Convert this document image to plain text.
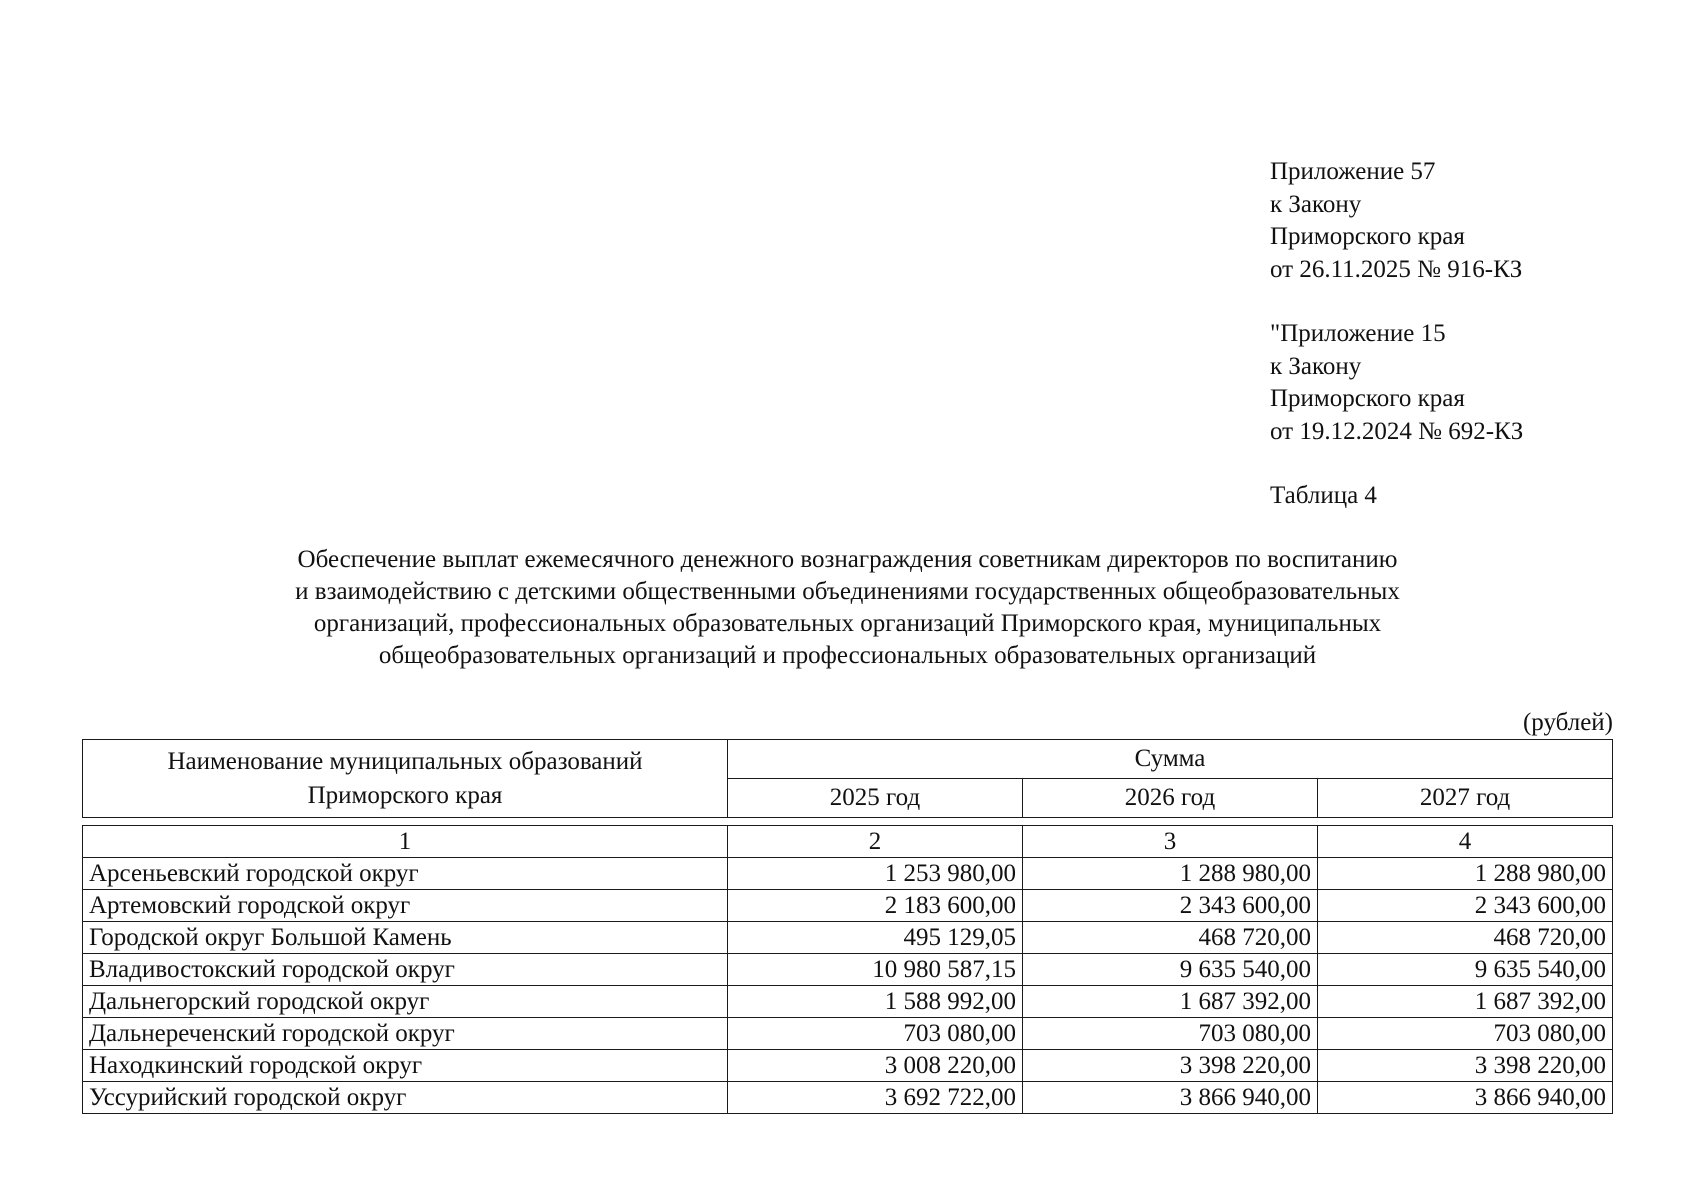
Приложение 57
к Закону
Приморского края
от 26.11.2025 № 916-КЗ
"Приложение 15
к Закону
Приморского края
от 19.12.2024 № 692-КЗ
Таблица 4
Обеспечение выплат ежемесячного денежного вознаграждения советникам директоров по воспитанию
и взаимодействию с детскими общественными объединениями государственных общеобразовательных
организаций, профессиональных образовательных организаций Приморского края, муниципальных
общеобразовательных организаций и профессиональных образовательных организаций
(рублей)
Наименование муниципальных образований
Приморского края	Сумма		
	2025 год	2026 год	2027 год
1	2	3	4
Арсеньевский городской округ	1 253 980,00	1 288 980,00	1 288 980,00
Артемовский городской округ	2 183 600,00	2 343 600,00	2 343 600,00
Городской округ Большой Камень	495 129,05	468 720,00	468 720,00
Владивостокский городской округ	10 980 587,15	9 635 540,00	9 635 540,00
Дальнегорский городской округ	1 588 992,00	1 687 392,00	1 687 392,00
Дальнереченский городской округ	703 080,00	703 080,00	703 080,00
Находкинский городской округ	3 008 220,00	3 398 220,00	3 398 220,00
Уссурийский городской округ	3 692 722,00	3 866 940,00	3 866 940,00
